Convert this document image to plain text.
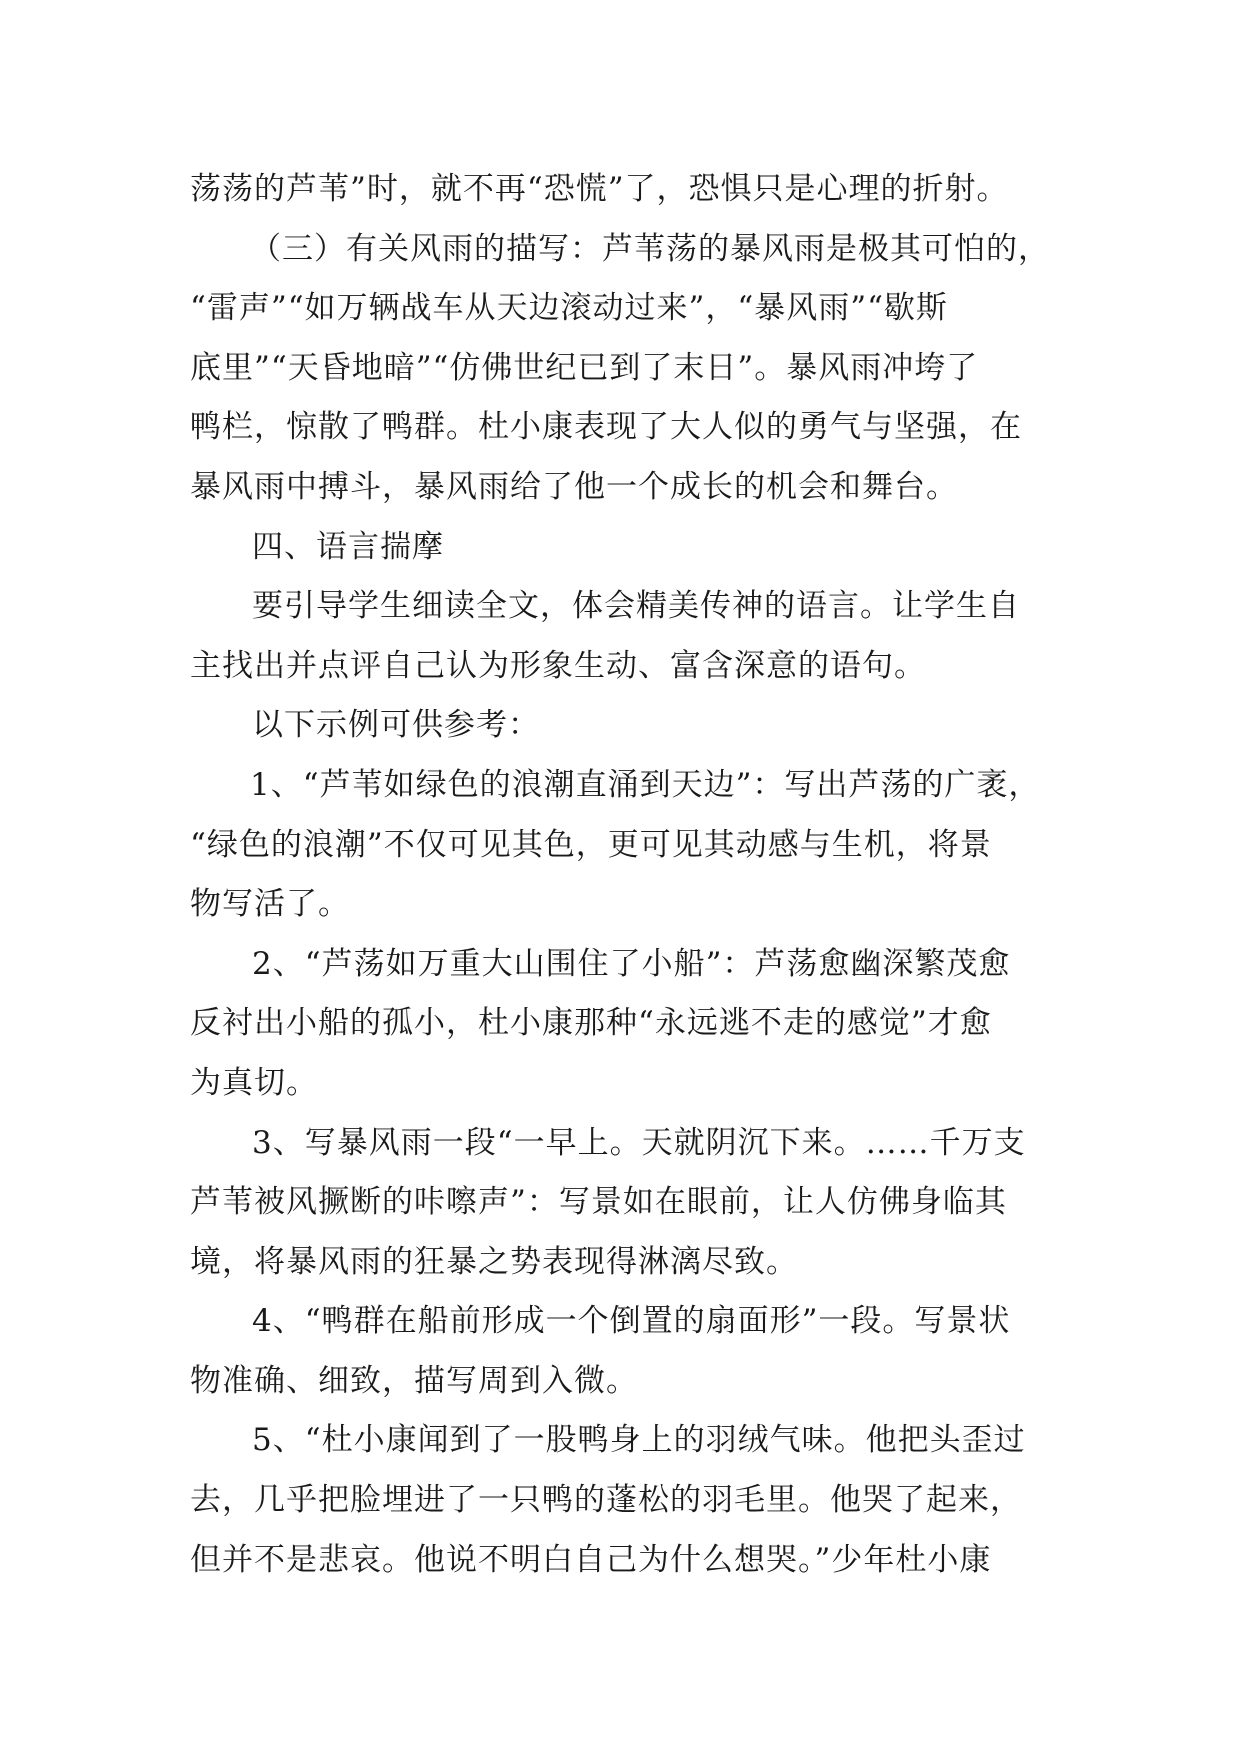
荡荡的芦苇”时，就不再“恐慌”了，恐惧只是心理的折射。
（三）有关风雨的描写：芦苇荡的暴风雨是极其可怕的，
“雷声”“如万辆战车从天边滚动过来”，“暴风雨”“歇斯
底里”“天昏地暗”“仿佛世纪已到了末日”。暴风雨冲垮了
鸭栏，惊散了鸭群。杜小康表现了大人似的勇气与坚强，在
暴风雨中搏斗，暴风雨给了他一个成长的机会和舞台。
四、语言揣摩
要引导学生细读全文，体会精美传神的语言。让学生自
主找出并点评自己认为形象生动、富含深意的语句。
以下示例可供参考：
1、“芦苇如绿色的浪潮直涌到天边”：写出芦荡的广袤，
“绿色的浪潮”不仅可见其色，更可见其动感与生机，将景
物写活了。
2、“芦荡如万重大山围住了小船”：芦荡愈幽深繁茂愈
反衬出小船的孤小，杜小康那种“永远逃不走的感觉”才愈
为真切。
3、写暴风雨一段“一早上。天就阴沉下来。……千万支
芦苇被风撅断的咔嚓声”：写景如在眼前，让人仿佛身临其
境，将暴风雨的狂暴之势表现得淋漓尽致。
4、“鸭群在船前形成一个倒置的扇面形”一段。写景状
物准确、细致，描写周到入微。
5、“杜小康闻到了一股鸭身上的羽绒气味。他把头歪过
去，几乎把脸埋进了一只鸭的蓬松的羽毛里。他哭了起来，
但并不是悲哀。他说不明白自己为什么想哭。”少年杜小康
